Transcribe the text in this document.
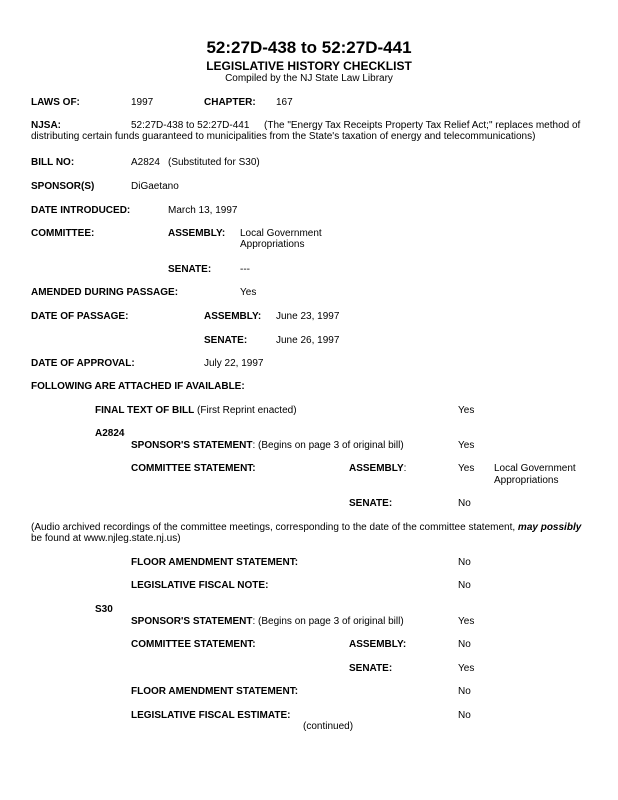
52:27D-438 to 52:27D-441
LEGISLATIVE HISTORY CHECKLIST
Compiled by the NJ State Law Library
LAWS OF:	1997	CHAPTER: 167
NJSA:	52:27D-438 to 52:27D-441 (The "Energy Tax Receipts Property Tax Relief Act;" replaces method of
distributing certain funds guaranteed to municipalities from the State's taxation of energy and telecommunications)
BILL NO:	A2824 (Substituted for S30)
SPONSOR(S)	DiGaetano
DATE INTRODUCED:	March 13, 1997
COMMITTEE:	ASSEMBLY: Local Government
Appropriations
SENATE:	---
AMENDED DURING PASSAGE:	Yes
DATE OF PASSAGE:	ASSEMBLY: June 23, 1997
SENATE:	June 26, 1997
DATE OF APPROVAL:	July 22, 1997
FOLLOWING ARE ATTACHED IF AVAILABLE:
FINAL TEXT OF BILL (First Reprint enacted)	Yes
A2824
SPONSOR'S STATEMENT: (Begins on page 3 of original bill)	Yes
COMMITTEE STATEMENT:	ASSEMBLY:	Yes Local Government
Appropriations
SENATE:	No
(Audio archived recordings of the committee meetings, corresponding to the date of the committee statement, may possibly
be found at www.njleg.state.nj.us)
FLOOR AMENDMENT STATEMENT:	No
LEGISLATIVE FISCAL NOTE:	No
S30
SPONSOR'S STATEMENT: (Begins on page 3 of original bill)	Yes
COMMITTEE STATEMENT:	ASSEMBLY:	No
SENATE:	Yes
FLOOR AMENDMENT STATEMENT:	No
LEGISLATIVE FISCAL ESTIMATE:	No
(continued)
